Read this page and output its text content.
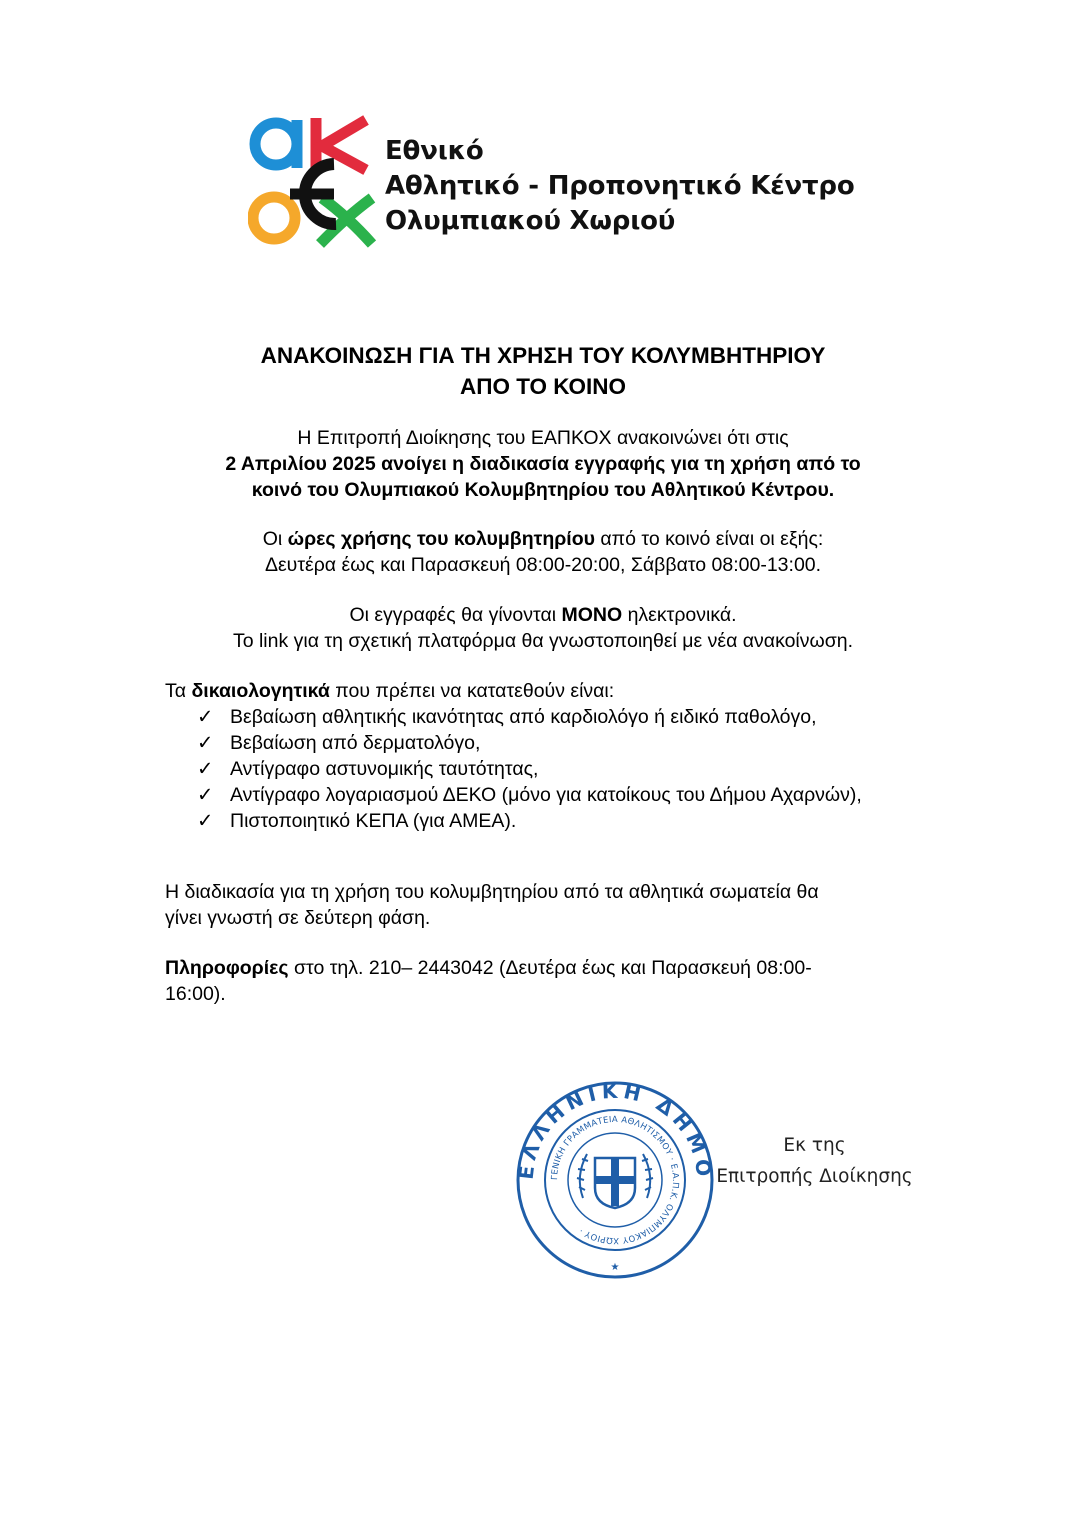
Εθνικό
Αθλητικό - Προπονητικό Κέντρο
Ολυμπιακού Χωριού
ΑΝΑΚΟΙΝΩΣΗ ΓΙΑ ΤΗ ΧΡΗΣΗ ΤΟΥ ΚΟΛΥΜΒΗΤΗΡΙΟΥ
ΑΠΟ ΤΟ ΚΟΙΝΟ
Η Επιτροπή Διοίκησης του ΕΑΠΚΟΧ ανακοινώνει ότι στις
2 Απριλίου 2025 ανοίγει η διαδικασία εγγραφής για τη χρήση από το
κοινό του Ολυμπιακού Κολυμβητηρίου του Αθλητικού Κέντρου.
Οι ώρες χρήσης του κολυμβητηρίου από το κοινό είναι οι εξής:
Δευτέρα έως και Παρασκευή 08:00-20:00, Σάββατο 08:00-13:00.
Οι εγγραφές θα γίνονται ΜΟΝΟ ηλεκτρονικά.
Το link για τη σχετική πλατφόρμα θα γνωστοποιηθεί με νέα ανακοίνωση.
Τα δικαιολογητικά που πρέπει να κατατεθούν είναι:
✓ Βεβαίωση αθλητικής ικανότητας από καρδιολόγο ή ειδικό παθολόγο,
✓ Βεβαίωση από δερματολόγο,
✓ Αντίγραφο αστυνομικής ταυτότητας,
✓ Αντίγραφο λογαριασμού ΔΕΚΟ (μόνο για κατοίκους του Δήμου Αχαρνών),
✓ Πιστοποιητικό ΚΕΠΑ (για ΑΜΕΑ).
Η διαδικασία για τη χρήση του κολυμβητηρίου από τα αθλητικά σωματεία θα
γίνει γνωστή σε δεύτερη φάση.
Πληροφορίες στο τηλ. 210– 2443042 (Δευτέρα έως και Παρασκευή 08:00-
16:00).
ΕΛΛΗΝΙΚΗ ΔΗΜΟ
ΓΕΝΙΚΗ ΓΡΑΜΜΑΤΕΙΑ ΑΘΛΗΤΙΣΜΟΥ · Ε.Α.Π.Κ. ΟΛΥΜΠΙΑΚΟΥ ΧΩΡΙΟΥ ·
★
Εκ της
Επιτροπής Διοίκησης
